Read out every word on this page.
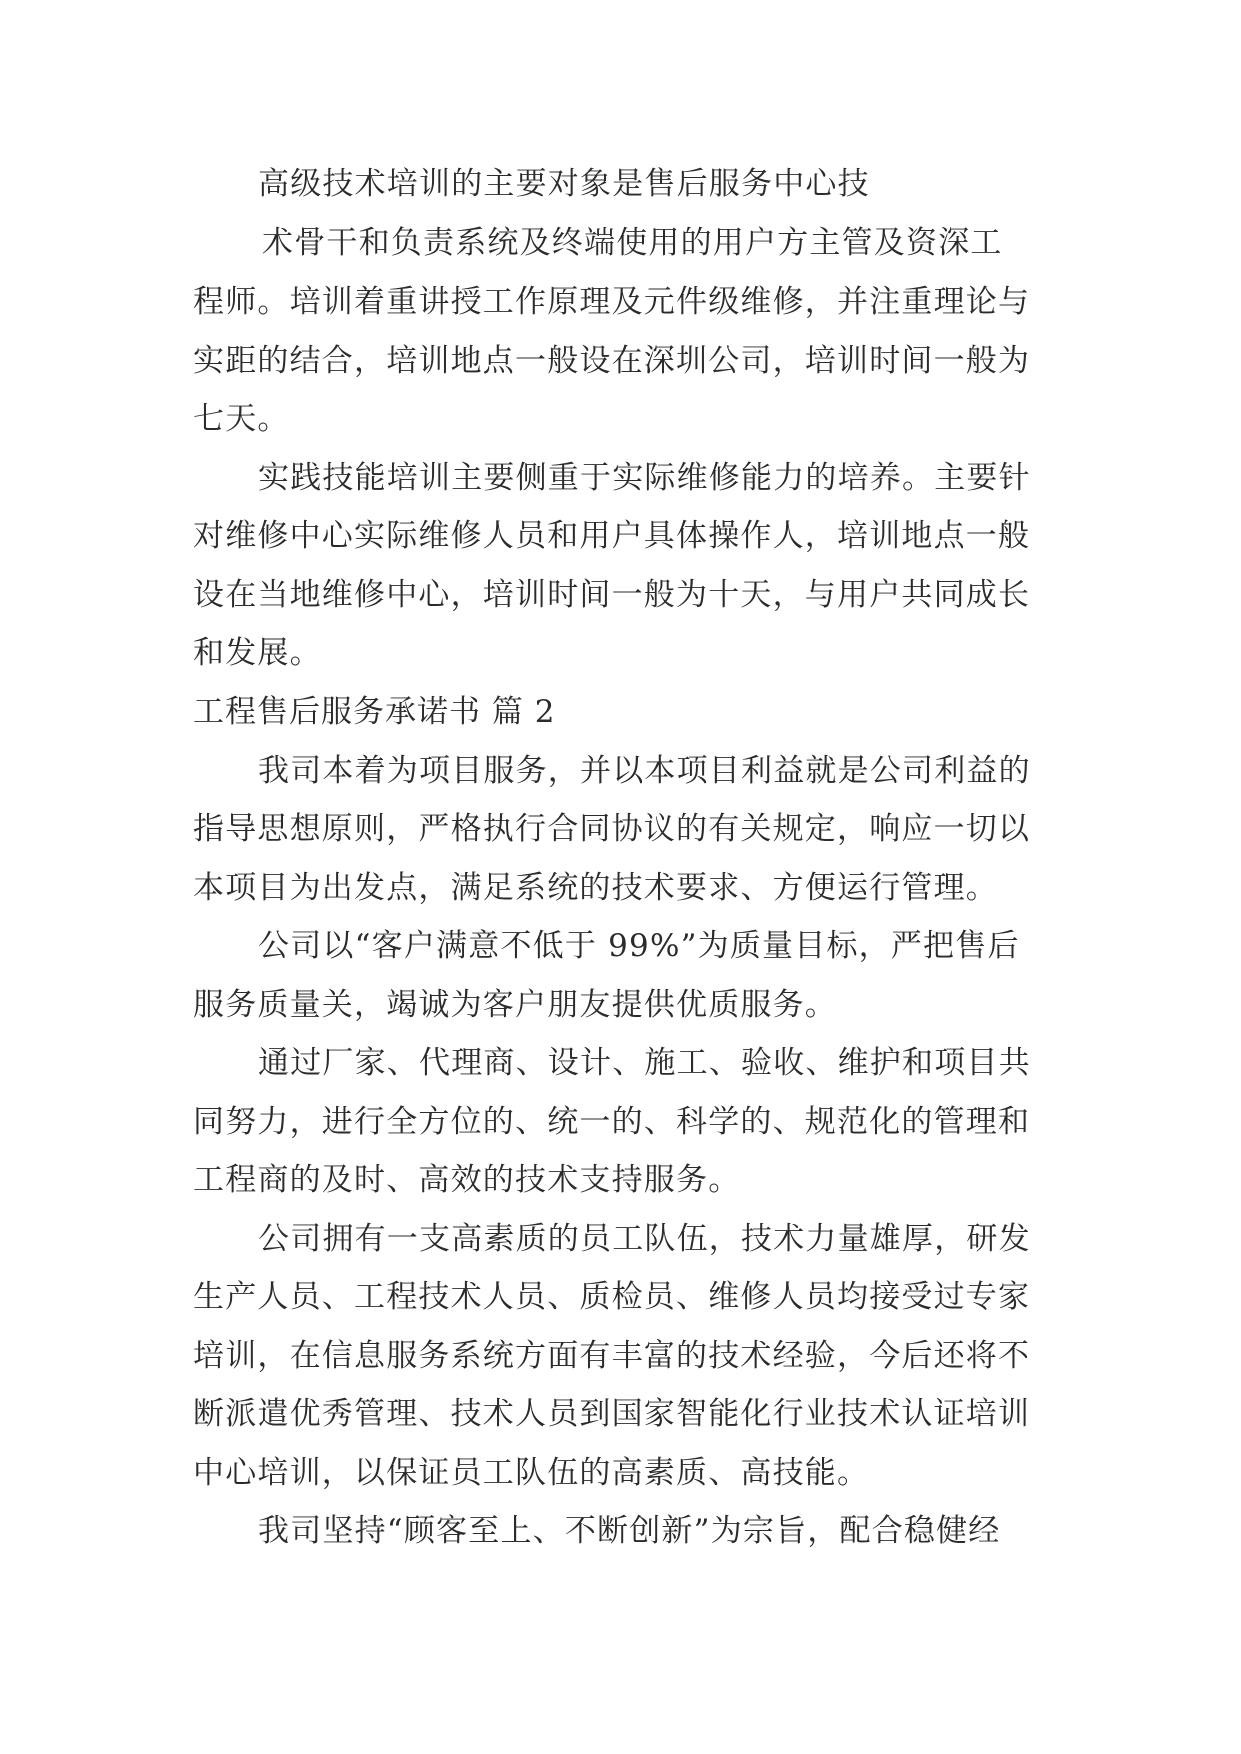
高级技术培训的主要对象是售后服务中心技
术骨干和负责系统及终端使用的用户方主管及资深工
程师。培训着重讲授工作原理及元件级维修，并注重理论与
实距的结合，培训地点一般设在深圳公司，培训时间一般为
七天。
实践技能培训主要侧重于实际维修能力的培养。主要针
对维修中心实际维修人员和用户具体操作人，培训地点一般
设在当地维修中心，培训时间一般为十天，与用户共同成长
和发展。
工程售后服务承诺书 篇 2
我司本着为项目服务，并以本项目利益就是公司利益的
指导思想原则，严格执行合同协议的有关规定，响应一切以
本项目为出发点，满足系统的技术要求、方便运行管理。
公司以“客户满意不低于 99%”为质量目标，严把售后
服务质量关，竭诚为客户朋友提供优质服务。
通过厂家、代理商、设计、施工、验收、维护和项目共
同努力，进行全方位的、统一的、科学的、规范化的管理和
工程商的及时、高效的技术支持服务。
公司拥有一支高素质的员工队伍，技术力量雄厚，研发
生产人员、工程技术人员、质检员、维修人员均接受过专家
培训，在信息服务系统方面有丰富的技术经验，今后还将不
断派遣优秀管理、技术人员到国家智能化行业技术认证培训
中心培训，以保证员工队伍的高素质、高技能。
我司坚持“顾客至上、不断创新”为宗旨，配合稳健经
